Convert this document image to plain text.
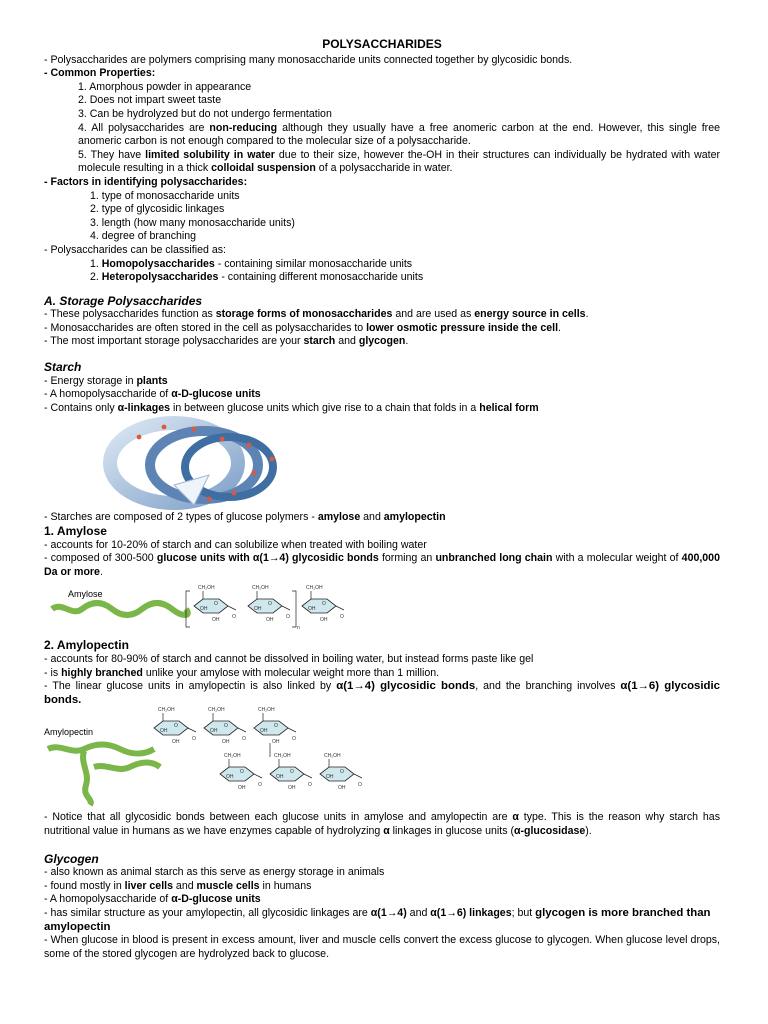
POLYSACCHARIDES

- Polysaccharides are polymers comprising many monosaccharide units connected together by glycosidic bonds.

- Common Properties:

1. Amorphous powder in appearance

2. Does not impart sweet taste

3. Can be hydrolyzed but do not undergo fermentation

4. All polysaccharides are non-reducing although they usually have a free anomeric carbon at the end. However, this single free anomeric carbon is not enough compared to the molecular size of a polysaccharide.

5. They have limited solubility in water due to their size, however the-OH in their structures can individually be hydrated with water molecule resulting in a thick colloidal suspension of a polysaccharide in water.

- Factors in identifying polysaccharides:

1. type of monosaccharide units

2. type of glycosidic linkages

3. length (how many monosaccharide units)

4. degree of branching

- Polysaccharides can be classified as:

1. Homopolysaccharides - containing similar monosaccharide units

2. Heteropolysaccharides - containing different monosaccharide units

A. Storage Polysaccharides

- These polysaccharides function as storage forms of monosaccharides and are used as energy source in cells.

- Monosaccharides are often stored in the cell as polysaccharides to lower osmotic pressure inside the cell.

- The most important storage polysaccharides are your starch and glycogen.

Starch

- Energy storage in plants

- A homopolysaccharide of α-D-glucose units

- Contains only α-linkages in between glucose units which give rise to a chain that folds in a helical form

- Starches are composed of 2 types of glucose polymers - amylose and amylopectin

1. Amylose

- accounts for 10-20% of starch and can solubilize when treated with boiling water

- composed of 300-500 glucose units with α(1→4) glycosidic bonds forming an unbranched long chain with a molecular weight of 400,000 Da or more.

Amylose
CH₂OH
O
OH
OH	O
CH₂OH
O
OH
OH	O
CH₂OH
O
OH
OH	O
n
2. Amylopectin

- accounts for 80-90% of starch and cannot be dissolved in boiling water, but instead forms paste like gel

- is highly branched unlike your amylose with molecular weight more than 1 million.

- The linear glucose units in amylopectin is also linked by α(1→4) glycosidic bonds, and the branching involves α(1→6) glycosidic bonds.

Amylopectin
CH₂OH
O
OH
OH	O
CH₂OH
O
OH
OH	O
CH₂OH
O
OH
OH	O
CH₂OH
O
OH
OH	O
CH₂OH
O
OH
OH	O
CH₂OH
O
OH
OH	O

- Notice that all glycosidic bonds between each glucose units in amylose and amylopectin are α type. This is the reason why starch has nutritional value in humans as we have enzymes capable of hydrolyzing α linkages in glucose units (α-glucosidase).

Glycogen

- also known as animal starch as this serve as energy storage in animals

- found mostly in liver cells and muscle cells in humans

- A homopolysaccharide of α-D-glucose units

- has similar structure as your amylopectin, all glycosidic linkages are α(1→4) and α(1→6) linkages; but glycogen is more branched than amylopectin

- When glucose in blood is present in excess amount, liver and muscle cells convert the excess glucose to glycogen. When glucose level drops, some of the stored glycogen are hydrolyzed back to glucose.
